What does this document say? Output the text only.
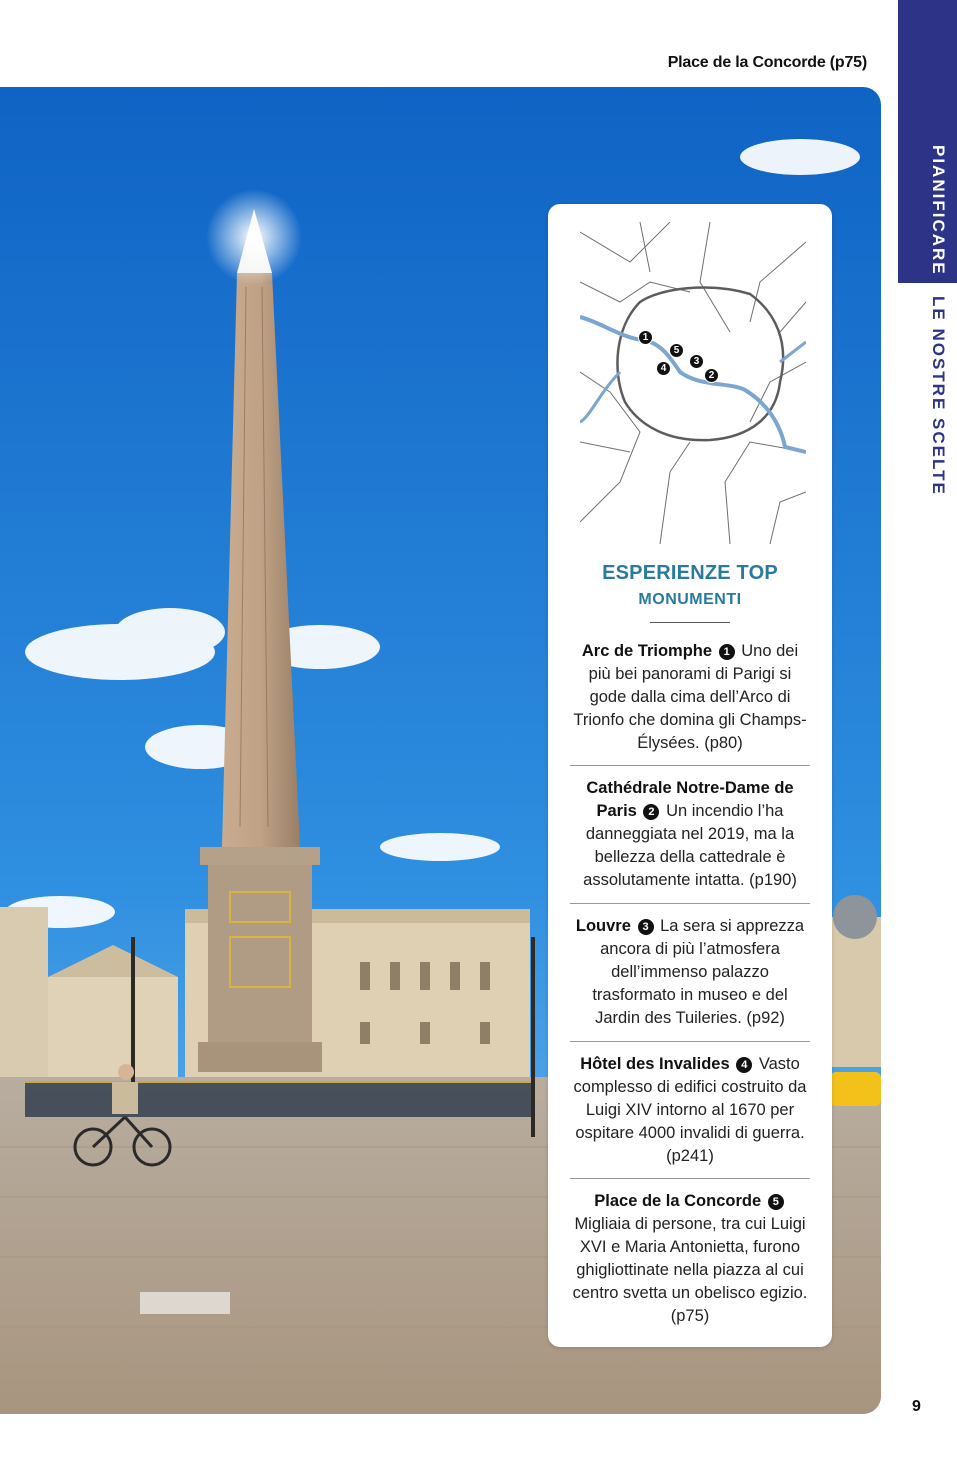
Place de la Concorde (p75)
PIANIFICARE
LE NOSTRE SCELTE
1
5
3
4
2
ESPERIENZE TOP
MONUMENTI
Arc de Triomphe 1 Uno dei più bei panorami di Parigi si gode dalla cima dell’Arco di Trionfo che domina gli Champs-Élysées. (p80)
Cathédrale Notre-Dame de Paris 2 Un incendio l’ha danneggiata nel 2019, ma la bellezza della cattedrale è assolutamente intatta. (p190)
Louvre 3 La sera si apprezza ancora di più l’atmosfera dell’immenso palazzo trasformato in museo e del Jardin des Tuileries. (p92)
Hôtel des Invalides 4 Vasto complesso di edifici costruito da Luigi XIV intorno al 1670 per ospitare 4000 invalidi di guerra. (p241)
Place de la Concorde 5 Migliaia di persone, tra cui Luigi XVI e Maria Antonietta, furono ghigliottinate nella piazza al cui centro svetta un obelisco egizio. (p75)
9
